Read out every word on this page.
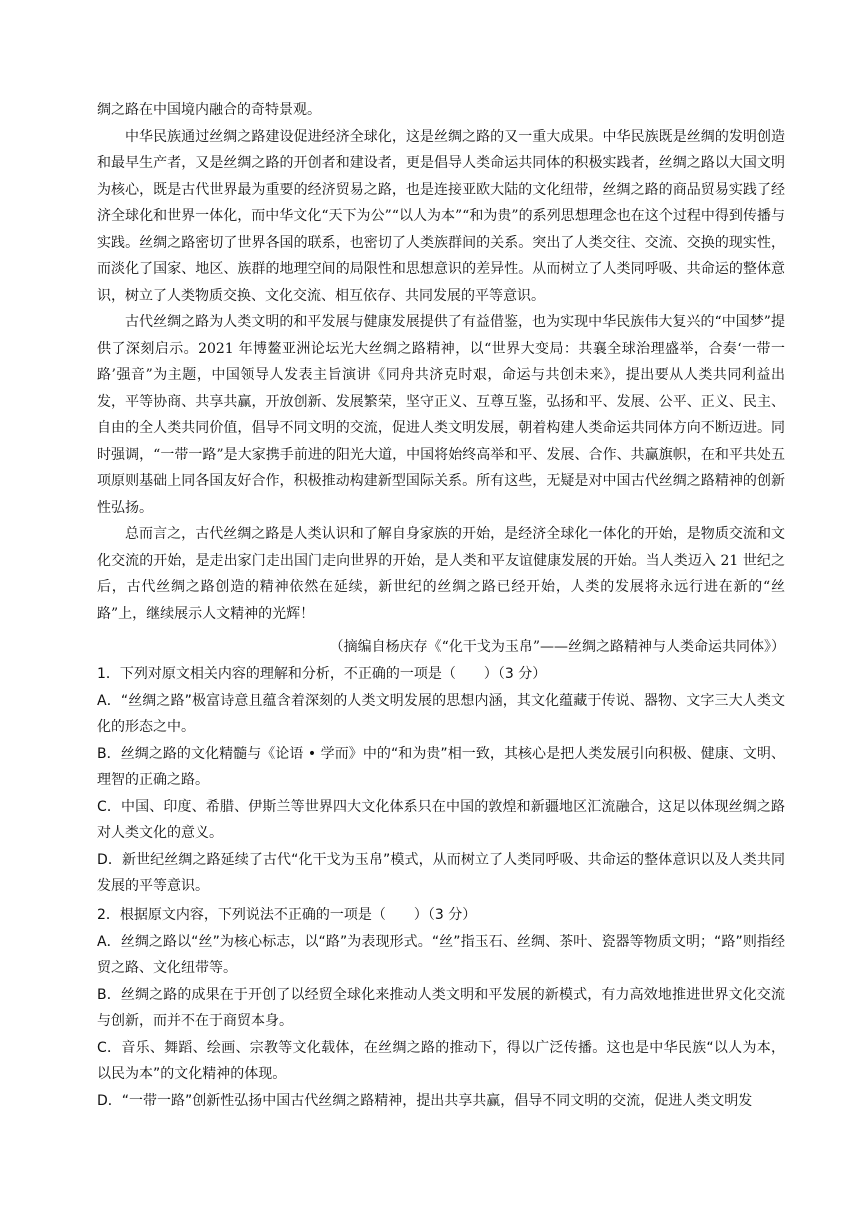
绸之路在中国境内融合的奇特景观。

中华民族通过丝绸之路建设促进经济全球化，这是丝绸之路的又一重大成果。中华民族既是丝绸的发明创造和最早生产者，又是丝绸之路的开创者和建设者，更是倡导人类命运共同体的积极实践者，丝绸之路以大国文明为核心，既是古代世界最为重要的经济贸易之路，也是连接亚欧大陆的文化纽带，丝绸之路的商品贸易实践了经济全球化和世界一体化，而中华文化“天下为公”“以人为本”“和为贵”的系列思想理念也在这个过程中得到传播与实践。丝绸之路密切了世界各国的联系，也密切了人类族群间的关系。突出了人类交往、交流、交换的现实性，而淡化了国家、地区、族群的地理空间的局限性和思想意识的差异性。从而树立了人类同呼吸、共命运的整体意识，树立了人类物质交换、文化交流、相互依存、共同发展的平等意识。

古代丝绸之路为人类文明的和平发展与健康发展提供了有益借鉴，也为实现中华民族伟大复兴的“中国梦”提供了深刻启示。2021 年博鳌亚洲论坛光大丝绸之路精神，以“世界大变局：共襄全球治理盛举，合奏‘一带一路’强音”为主题，中国领导人发表主旨演讲《同舟共济克时艰，命运与共创未来》，提出要从人类共同利益出发，平等协商、共享共赢，开放创新、发展繁荣，坚守正义、互尊互鉴，弘扬和平、发展、公平、正义、民主、自由的全人类共同价值，倡导不同文明的交流，促进人类文明发展，朝着构建人类命运共同体方向不断迈进。同时强调，“一带一路”是大家携手前进的阳光大道，中国将始终高举和平、发展、合作、共赢旗帜，在和平共处五项原则基础上同各国友好合作，积极推动构建新型国际关系。所有这些，无疑是对中国古代丝绸之路精神的创新性弘扬。

总而言之，古代丝绸之路是人类认识和了解自身家族的开始，是经济全球化一体化的开始，是物质交流和文化交流的开始，是走出家门走出国门走向世界的开始，是人类和平友谊健康发展的开始。当人类迈入 21 世纪之后，古代丝绸之路创造的精神依然在延续，新世纪的丝绸之路已经开始，人类的发展将永远行进在新的“丝路”上，继续展示人文精神的光辉！

（摘编自杨庆存《“化干戈为玉帛”——丝绸之路精神与人类命运共同体》）

1．下列对原文相关内容的理解和分析，不正确的一项是（　　）（3 分）

A．“丝绸之路”极富诗意且蕴含着深刻的人类文明发展的思想内涵，其文化蕴藏于传说、器物、文字三大人类文化的形态之中。

B．丝绸之路的文化精髓与《论语 • 学而》中的“和为贵”相一致，其核心是把人类发展引向积极、健康、文明、理智的正确之路。

C．中国、印度、希腊、伊斯兰等世界四大文化体系只在中国的敦煌和新疆地区汇流融合，这足以体现丝绸之路对人类文化的意义。

D．新世纪丝绸之路延续了古代“化干戈为玉帛”模式，从而树立了人类同呼吸、共命运的整体意识以及人类共同发展的平等意识。

2．根据原文内容，下列说法不正确的一项是（　　）（3 分）

A．丝绸之路以“丝”为核心标志，以“路”为表现形式。“丝”指玉石、丝绸、茶叶、瓷器等物质文明；“路”则指经贸之路、文化纽带等。

B．丝绸之路的成果在于开创了以经贸全球化来推动人类文明和平发展的新模式，有力高效地推进世界文化交流与创新，而并不在于商贸本身。

C．音乐、舞蹈、绘画、宗教等文化载体，在丝绸之路的推动下，得以广泛传播。这也是中华民族“以人为本，以民为本”的文化精神的体现。

D．“一带一路”创新性弘扬中国古代丝绸之路精神，提出共享共赢，倡导不同文明的交流，促进人类文明发
